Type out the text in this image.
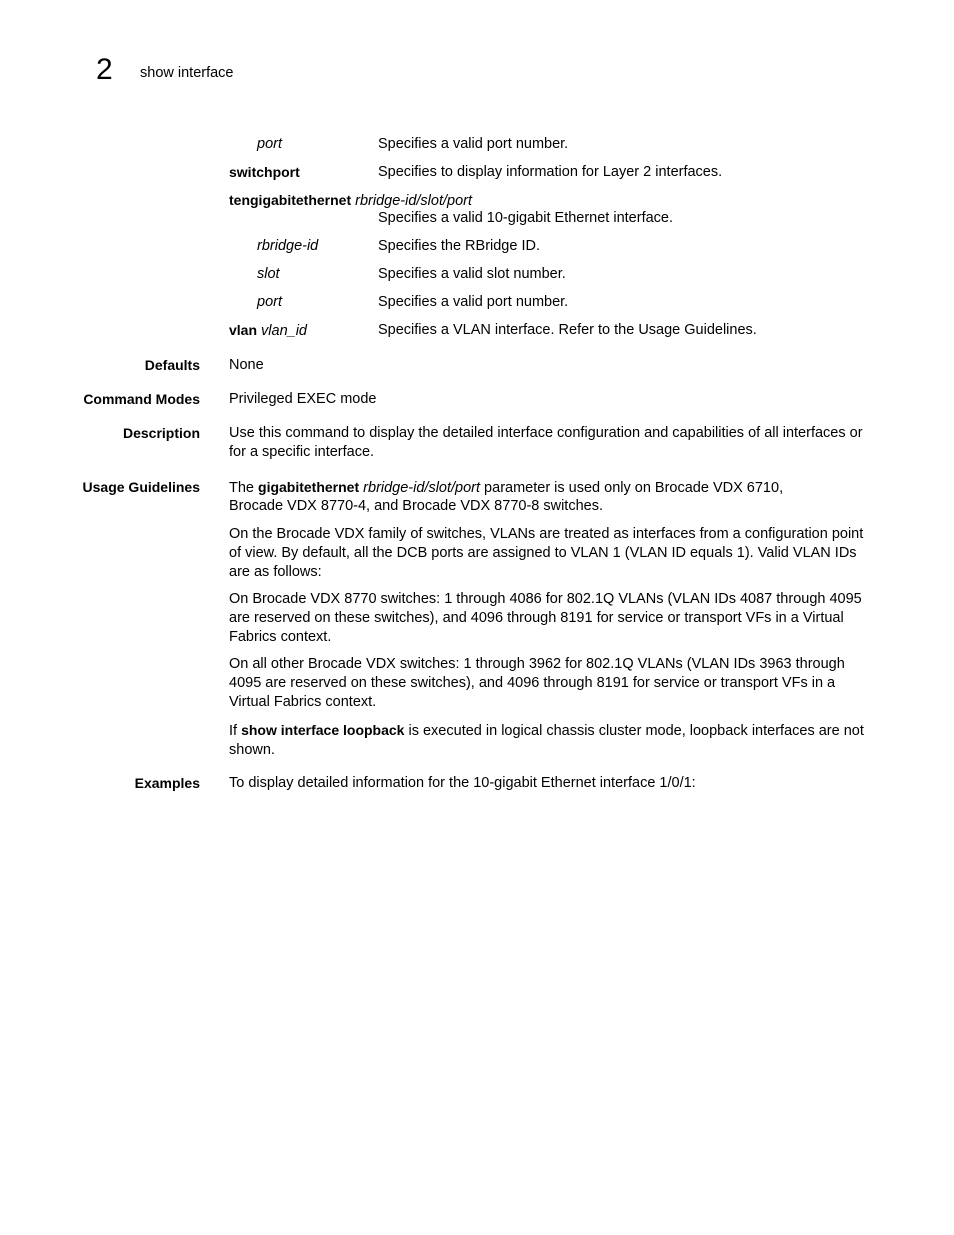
2 show interface
port	Specifies a valid port number.
switchport	Specifies to display information for Layer 2 interfaces.
tengigabitethernet rbridge-id/slot/port
Specifies a valid 10-gigabit Ethernet interface.
rbridge-id	Specifies the RBridge ID.
slot	Specifies a valid slot number.
port	Specifies a valid port number.
vlan vlan_id	Specifies a VLAN interface. Refer to the Usage Guidelines.
Defaults None
Command Modes Privileged EXEC mode
Description Use this command to display the detailed interface configuration and capabilities of all interfaces or for a specific interface.
Usage Guidelines The gigabitethernet rbridge-id/slot/port parameter is used only on Brocade VDX 6710,
Brocade VDX 8770-4, and Brocade VDX 8770-8 switches.
On the Brocade VDX family of switches, VLANs are treated as interfaces from a configuration point of view. By default, all the DCB ports are assigned to VLAN 1 (VLAN ID equals 1). Valid VLAN IDs are as follows:
On Brocade VDX 8770 switches: 1 through 4086 for 802.1Q VLANs (VLAN IDs 4087 through 4095 are reserved on these switches), and 4096 through 8191 for service or transport VFs in a Virtual Fabrics context.
On all other Brocade VDX switches: 1 through 3962 for 802.1Q VLANs (VLAN IDs 3963 through 4095 are reserved on these switches), and 4096 through 8191 for service or transport VFs in a Virtual Fabrics context.
If show interface loopback is executed in logical chassis cluster mode, loopback interfaces are not shown.
Examples To display detailed information for the 10-gigabit Ethernet interface 1/0/1:
